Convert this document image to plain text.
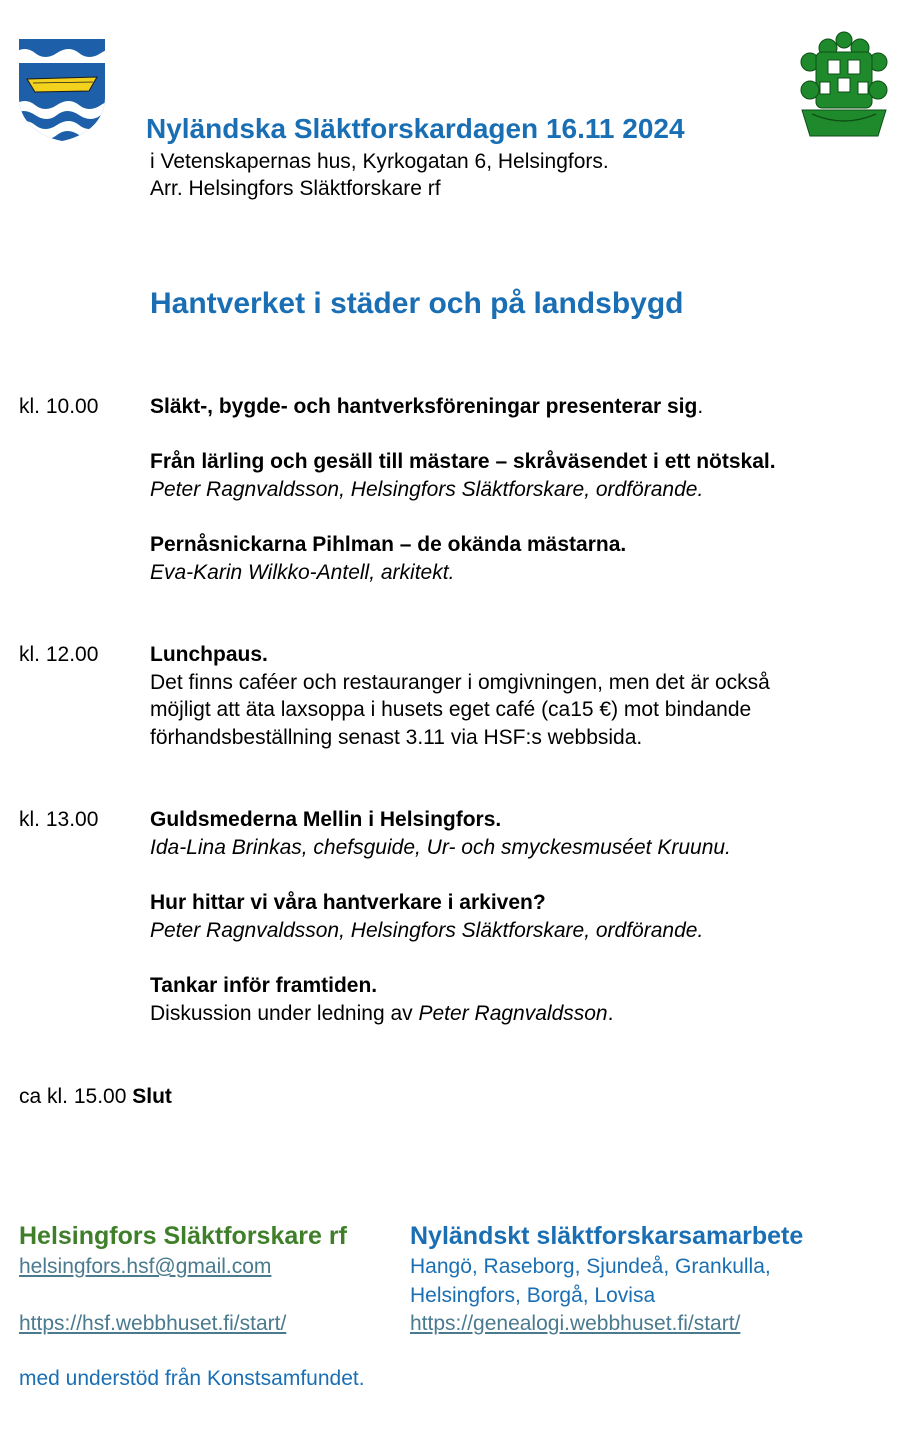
Nyländska Släktforskardagen 16.11 2024
i Vetenskapernas hus, Kyrkogatan 6, Helsingfors.
Arr. Helsingfors Släktforskare rf
Hantverket i städer och på landsbygd
kl. 10.00 Släkt-, bygde- och hantverksföreningar presenterar sig.
Från lärling och gesäll till mästare – skråväsendet i ett nötskal.
Peter Ragnvaldsson, Helsingfors Släktforskare, ordförande.
Pernåsnickarna Pihlman – de okända mästarna.
Eva-Karin Wilkko-Antell, arkitekt.
kl. 12.00 Lunchpaus.
Det finns caféer och restauranger i omgivningen, men det är också
möjligt att äta laxsoppa i husets eget café (ca15 €) mot bindande
förhandsbeställning senast 3.11 via HSF:s webbsida.
kl. 13.00 Guldsmederna Mellin i Helsingfors.
Ida-Lina Brinkas, chefsguide, Ur- och smyckesmuséet Kruunu.
Hur hittar vi våra hantverkare i arkiven?
Peter Ragnvaldsson, Helsingfors Släktforskare, ordförande.
Tankar inför framtiden.
Diskussion under ledning av Peter Ragnvaldsson.
ca kl. 15.00 Slut
Helsingfors Släktforskare rf
helsingfors.hsf@gmail.com
https://hsf.webbhuset.fi/start/
Nyländskt släktforskarsamarbete
Hangö, Raseborg, Sjundeå, Grankulla,
Helsingfors, Borgå, Lovisa
https://genealogi.webbhuset.fi/start/
med understöd från Konstsamfundet.
